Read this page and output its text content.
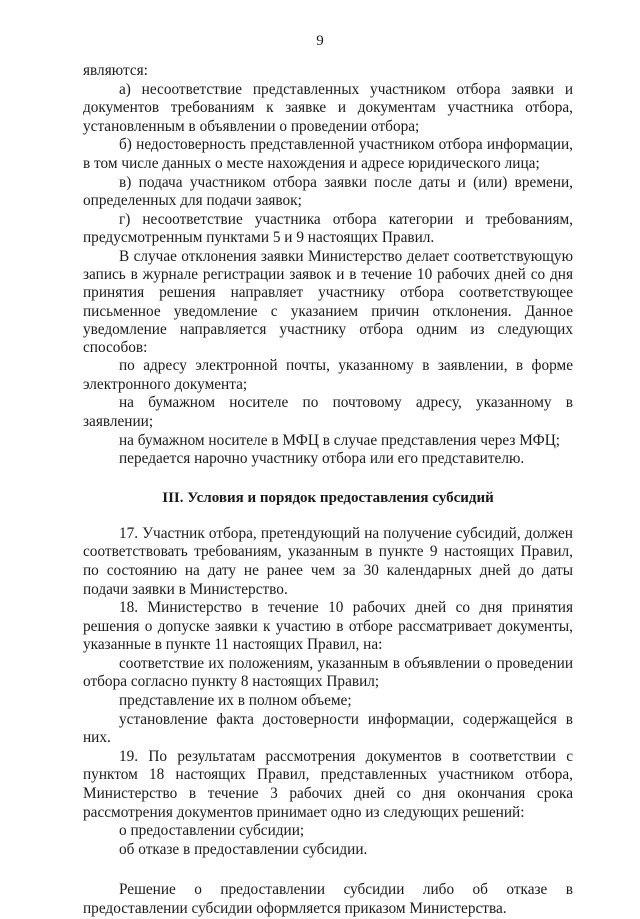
9

являются:

а) несоответствие представленных участником отбора заявки и документов требованиям к заявке и документам участника отбора, установленным в объявлении о проведении отбора;

б) недостоверность представленной участником отбора информации, в том числе данных о месте нахождения и адресе юридического лица;

в) подача участником отбора заявки после даты и (или) времени, определенных для подачи заявок;

г) несоответствие участника отбора категории и требованиям, предусмотренным пунктами 5 и 9 настоящих Правил.

В случае отклонения заявки Министерство делает соответствующую запись в журнале регистрации заявок и в течение 10 рабочих дней со дня принятия решения направляет участнику отбора соответствующее письменное уведомление с указанием причин отклонения. Данное уведомление направляется участнику отбора одним из следующих способов:

по адресу электронной почты, указанному в заявлении, в форме электронного документа;

на бумажном носителе по почтовому адресу, указанному в заявлении;

на бумажном носителе в МФЦ в случае представления через МФЦ;

передается нарочно участнику отбора или его представителю.

III. Условия и порядок предоставления субсидий

17. Участник отбора, претендующий на получение субсидий, должен соответствовать требованиям, указанным в пункте 9 настоящих Правил, по состоянию на дату не ранее чем за 30 календарных дней до даты подачи заявки в Министерство.

18. Министерство в течение 10 рабочих дней со дня принятия решения о допуске заявки к участию в отборе рассматривает документы, указанные в пункте 11 настоящих Правил, на:

соответствие их положениям, указанным в объявлении о проведении отбора согласно пункту 8 настоящих Правил;

представление их в полном объеме;

установление факта достоверности информации, содержащейся в них.

19. По результатам рассмотрения документов в соответствии с пунктом 18 настоящих Правил, представленных участником отбора, Министерство в течение 3 рабочих дней со дня окончания срока рассмотрения документов принимает одно из следующих решений:

о предоставлении субсидии;

об отказе в предоставлении субсидии.

Решение о предоставлении субсидии либо об отказе в

предоставлении субсидии оформляется приказом Министерства.
